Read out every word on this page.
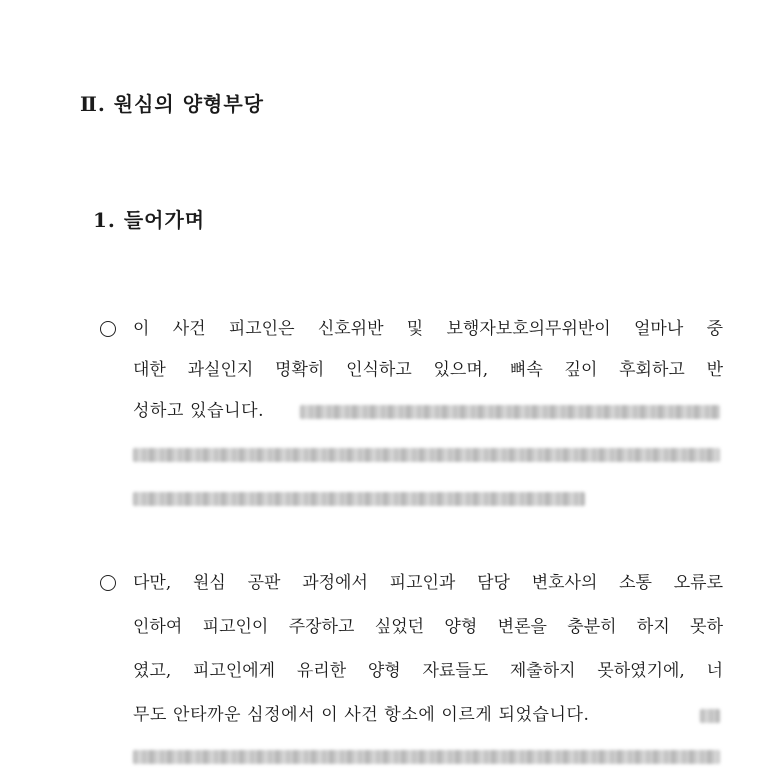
Ⅱ. 원심의 양형부당
1. 들어가며
이 사건 피고인은 신호위반 및 보행자보호의무위반이 얼마나 중
대한 과실인지 명확히 인식하고 있으며, 뼈속 깊이 후회하고 반
성하고 있습니다.
다만, 원심 공판 과정에서 피고인과 담당 변호사의 소통 오류로
인하여 피고인이 주장하고 싶었던 양형 변론을 충분히 하지 못하
였고, 피고인에게 유리한 양형 자료들도 제출하지 못하였기에, 너
무도 안타까운 심정에서 이 사건 항소에 이르게 되었습니다.
